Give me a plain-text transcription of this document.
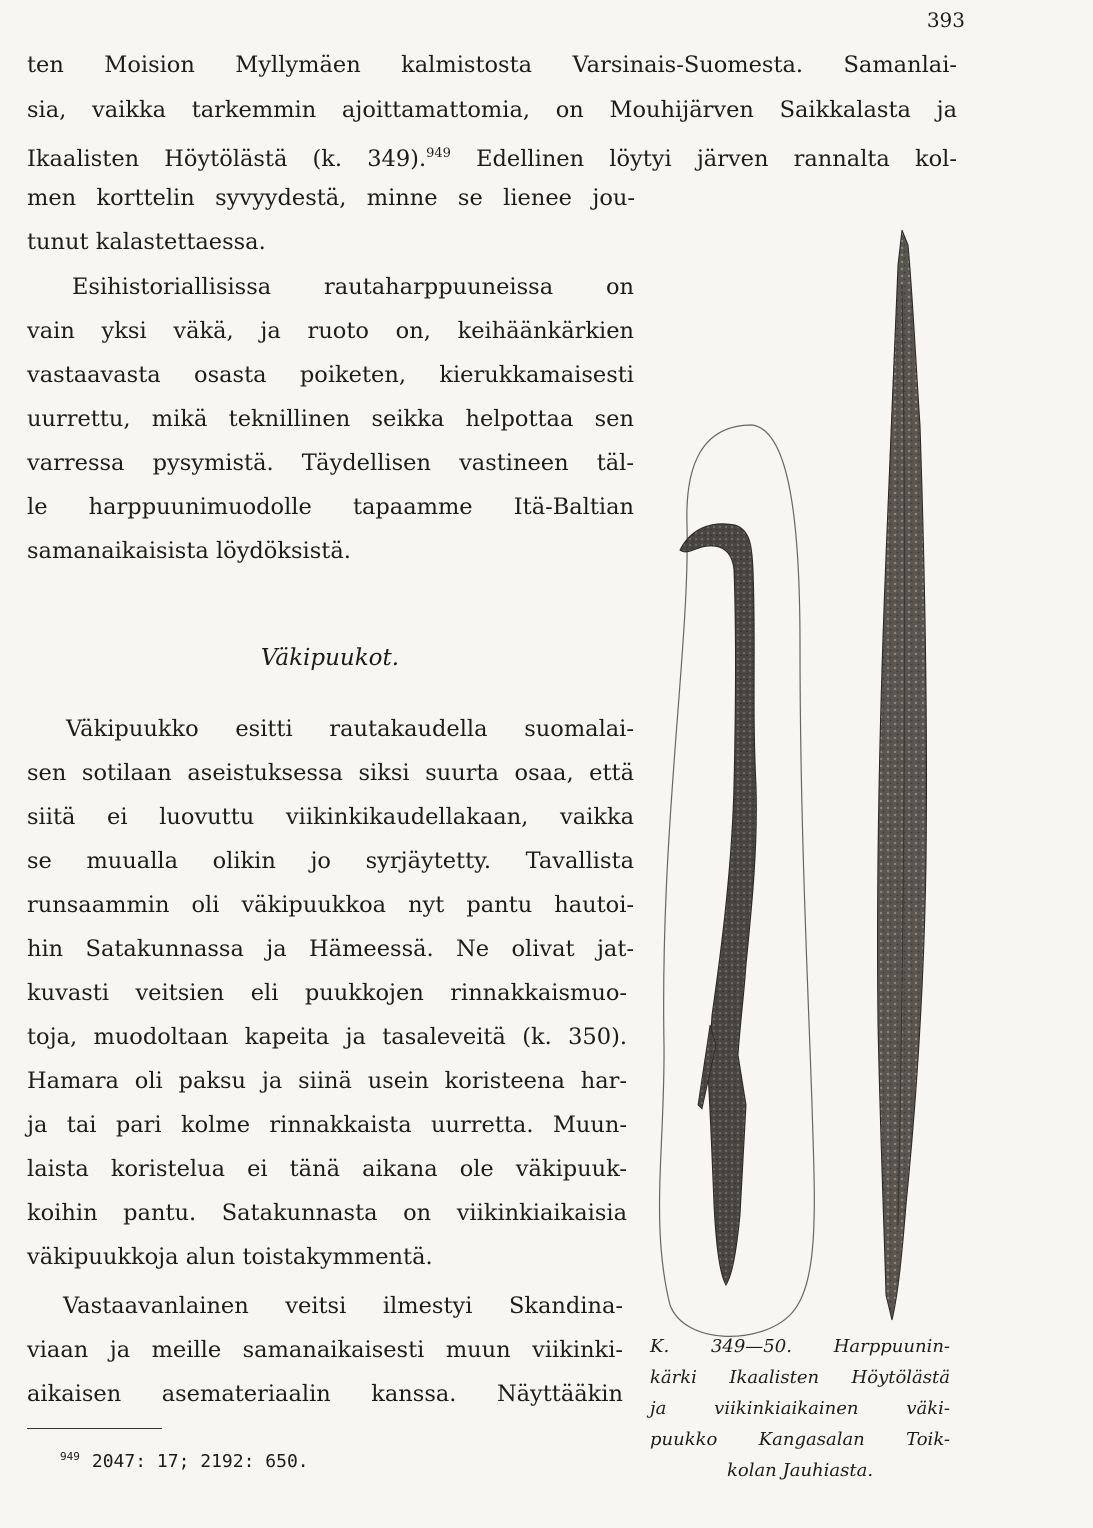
393

ten Moision Myllymäen kalmistosta Varsinais-Suomesta. Samanlai-

sia, vaikka tarkemmin ajoittamattomia, on Mouhijärven Saikkalasta ja

Ikaalisten Höytölästä (k. 349).$^{949}$ Edellinen löytyi järven rannalta kol-

men korttelin syvyydestä, minne se lienee jou-

tunut kalastettaessa.

Esihistoriallisissa rautaharppuuneissa on

vain yksi väkä, ja ruoto on, keihäänkärkien

vastaavasta osasta poiketen, kierukkamaisesti

uurrettu, mikä teknillinen seikka helpottaa sen

varressa pysymistä. Täydellisen vastineen täl-

le harppuunimuodolle tapaamme Itä-Baltian

samanaikaisista löydöksistä.

Väkipuukot.

Väkipuukko esitti rautakaudella suomalai-

sen sotilaan aseistuksessa siksi suurta osaa, että

siitä ei luovuttu viikinkikaudellakaan, vaikka

se muualla olikin jo syrjäytetty. Tavallista

runsaammin oli väkipuukkoa nyt pantu hautoi-

hin Satakunnassa ja Hämeessä. Ne olivat jat-

kuvasti veitsien eli puukkojen rinnakkaismuo-

toja, muodoltaan kapeita ja tasaleveitä (k. 350).

Hamara oli paksu ja siinä usein koristeena har-

ja tai pari kolme rinnakkaista uurretta. Muun-

laista koristelua ei tänä aikana ole väkipuuk-

koihin pantu. Satakunnasta on viikinkiaikaisia

väkipuukkoja alun toistakymmentä.

Vastaavanlainen veitsi ilmestyi Skandina-

viaan ja meille samanaikaisesti muun viikinki-

aikaisen asemateriaalin kanssa. Näyttääkin

$^{949}$ 2047: 17; 2192: 650.

K. 349—50. Harppuunin-

kärki Ikaalisten Höytölästä

ja viikinkiaikainen väki-

puukko Kangasalan Toik-

kolan Jauhiasta.
